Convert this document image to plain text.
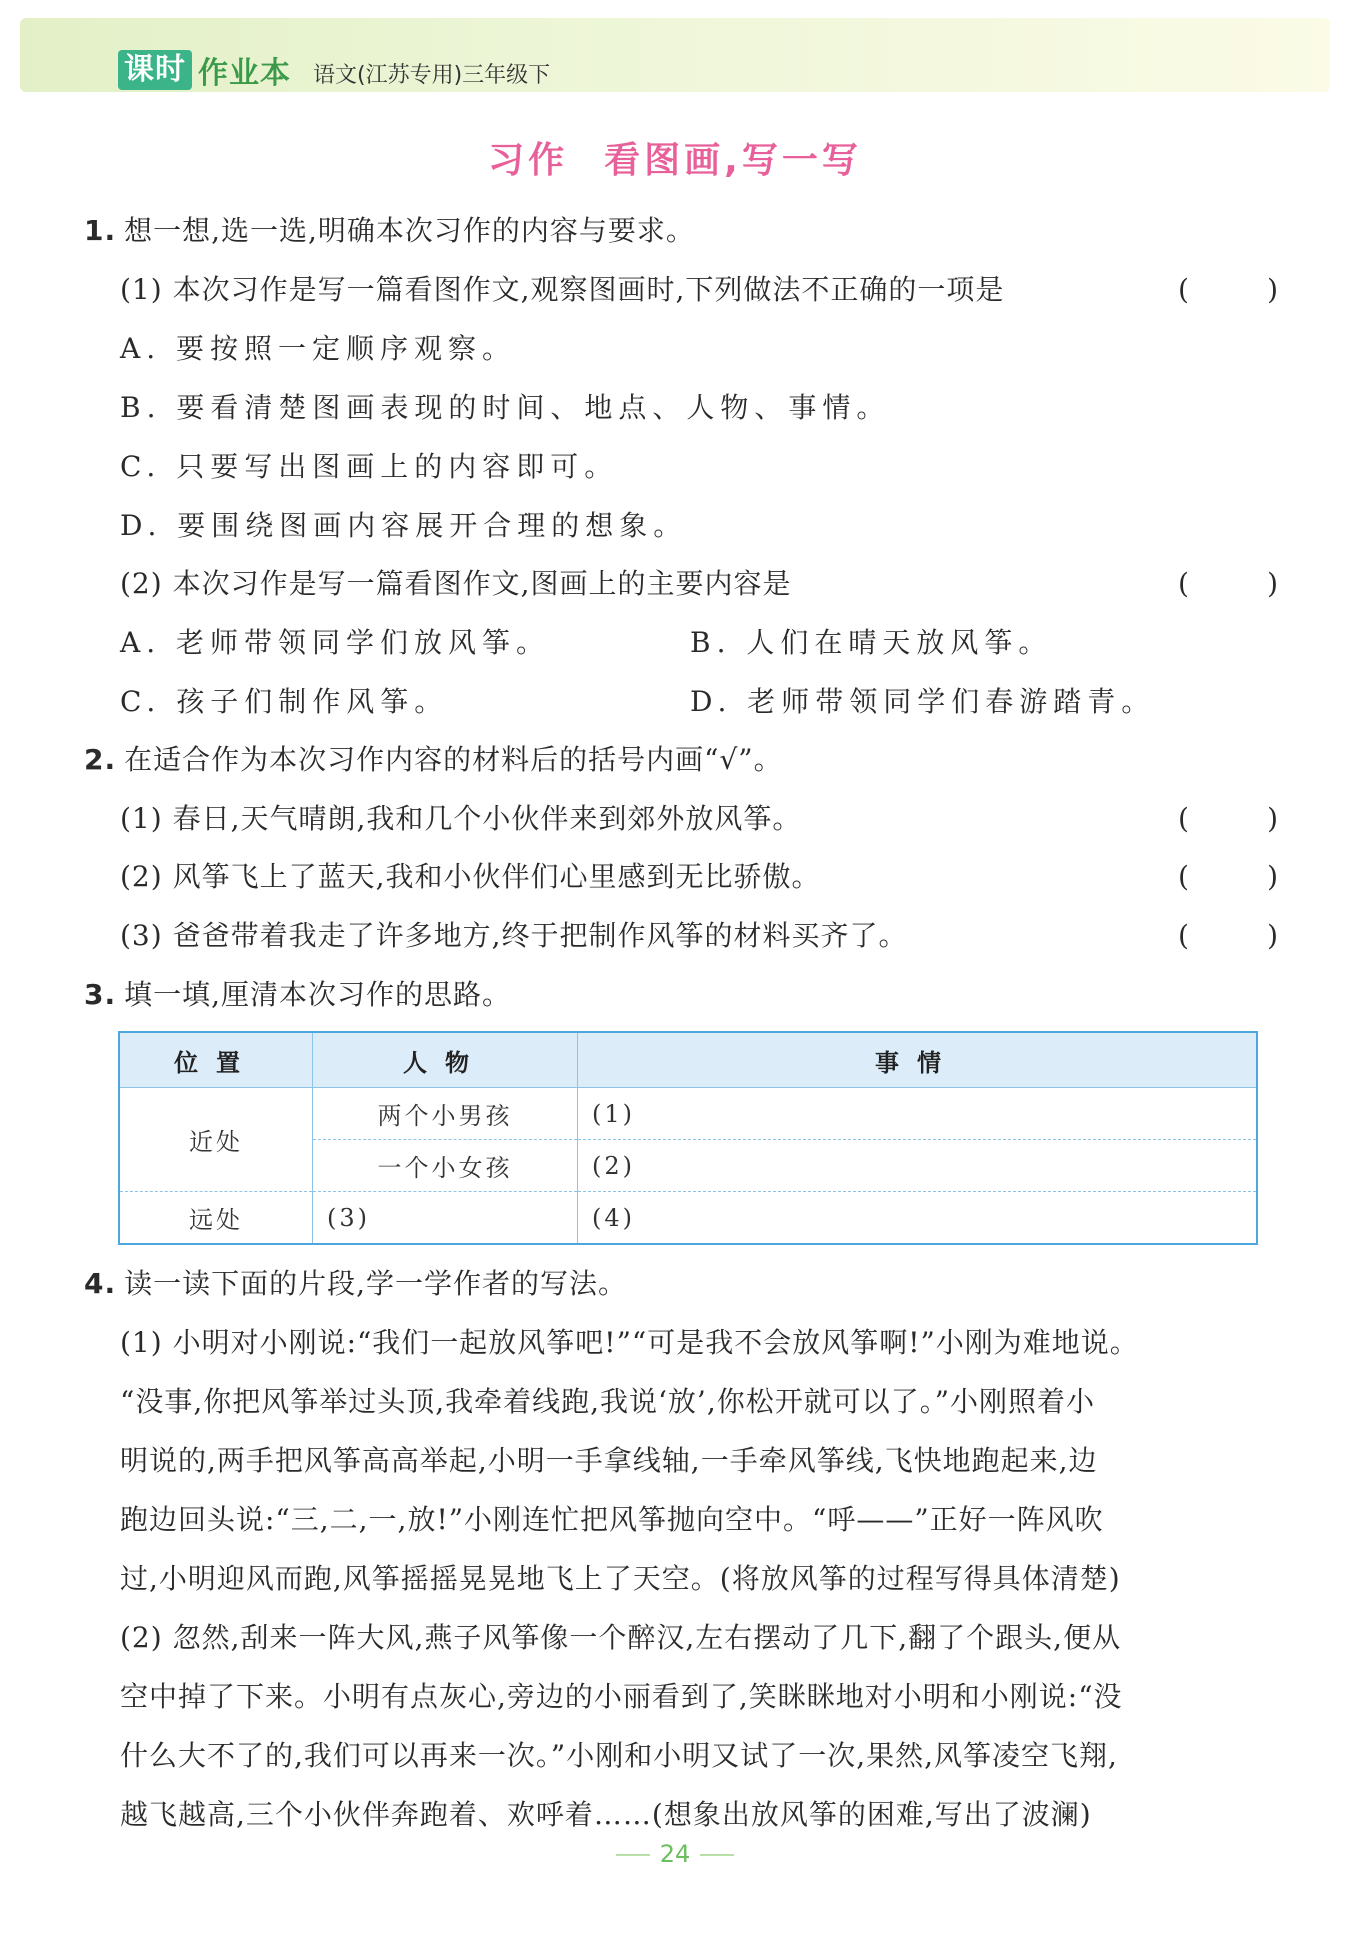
课时 作业本 语文(江苏专用)三年级下
习作 看图画,写一写
1. 想一想,选一选,明确本次习作的内容与要求。
(1) 本次习作是写一篇看图作文,观察图画时,下列做法不正确的一项是	(	)
A. 要按照一定顺序观察。
B. 要看清楚图画表现的时间、地点、人物、事情。
C. 只要写出图画上的内容即可。
D. 要围绕图画内容展开合理的想象。
(2) 本次习作是写一篇看图作文,图画上的主要内容是	(	)
A. 老师带领同学们放风筝。	B. 人们在晴天放风筝。
C. 孩子们制作风筝。	D. 老师带领同学们春游踏青。
2. 在适合作为本次习作内容的材料后的括号内画“√”。
(1) 春日,天气晴朗,我和几个小伙伴来到郊外放风筝。	(	)
(2) 风筝飞上了蓝天,我和小伙伴们心里感到无比骄傲。	(	)
(3) 爸爸带着我走了许多地方,终于把制作风筝的材料买齐了。	(	)
3. 填一填,厘清本次习作的思路。
位置	人物	事情
近处	两个小男孩	(1)
	一个小女孩	(2)
远处	(3)	(4)
4. 读一读下面的片段,学一学作者的写法。
(1) 小明对小刚说:“我们一起放风筝吧!”“可是我不会放风筝啊!”小刚为难地说。
“没事,你把风筝举过头顶,我牵着线跑,我说‘放’,你松开就可以了。”小刚照着小
明说的,两手把风筝高高举起,小明一手拿线轴,一手牵风筝线,飞快地跑起来,边
跑边回头说:“三,二,一,放!”小刚连忙把风筝抛向空中。“呼——”正好一阵风吹
过,小明迎风而跑,风筝摇摇晃晃地飞上了天空。(将放风筝的过程写得具体清楚)
(2) 忽然,刮来一阵大风,燕子风筝像一个醉汉,左右摆动了几下,翻了个跟头,便从
空中掉了下来。小明有点灰心,旁边的小丽看到了,笑眯眯地对小明和小刚说:“没
什么大不了的,我们可以再来一次。”小刚和小明又试了一次,果然,风筝凌空飞翔,
越飞越高,三个小伙伴奔跑着、欢呼着……(想象出放风筝的困难,写出了波澜)
24
